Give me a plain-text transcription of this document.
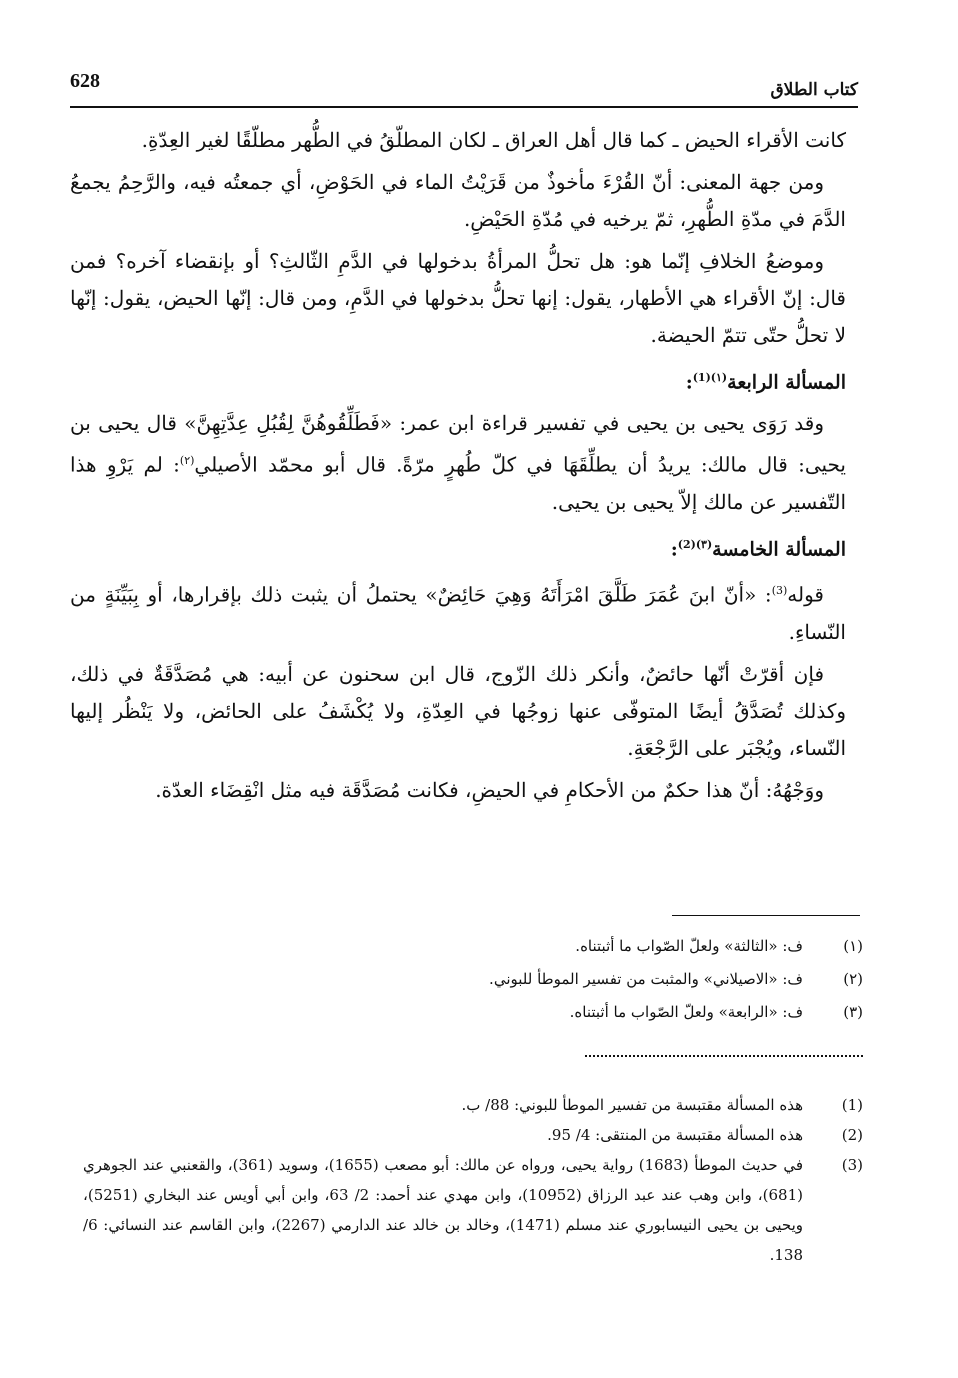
كتاب الطلاق
628

كانت الأقراء الحيض ـ كما قال أهل العراق ـ لكان المطلّقُ في الطُّهر مطلّقًا لغير العِدّةِ.

ومن جهة المعنى: أنّ القُرْءَ مأخوذٌ من قَرَيْتُ الماء في الحَوْضِ، أي جمعتُه فيه، والرَّحِمُ يجمعُ الدَّمَ في مدّةِ الطُّهرِ، ثمّ يرخيه في مُدّةِ الحَيْضِ.

وموضعُ الخلافِ إنّما هو: هل تحلُّ المرأةُ بدخولها في الدَّمِ الثّالثِ؟ أو بإنقضاء آخره؟ فمن قال: إنّ الأقراء هي الأطهار، يقول: إنها تحلُّ بدخولها في الدَّمِ، ومن قال: إنّها الحيض، يقول: إنّها لا تحلُّ حتّى تتمّ الحيضة.

المسألة الرابعة$^{(١)(1)}$:

وقد رَوَى يحيى بن يحيى في تفسير قراءة ابن عمر: «فَطَلِّقُوهُنَّ لِقُبُلِ عِدَّتِهِنَّ» قال يحيى بن يحيى: قال مالك: يريدُ أن يطلِّقَهَا في كلّ طُهرٍ مرّةً. قال أبو محمّد الأصيلي$^{(٢)}$: لم يَرْوِ هذا التّفسير عن مالك إلاّ يحيى بن يحيى.

المسألة الخامسة$^{(٣)(2)}$:

قوله$^{(3)}$: «أنّ ابنَ عُمَرَ طَلَّقَ امْرَأَتَهُ وَهِيَ حَائِضٌ» يحتملُ أن يثبت ذلك بإقرارها، أو بِبَيِّنَةٍ من النّساءِ.

فإن أقرّتْ أنّها حائضٌ، وأنكر ذلك الزّوج، قال ابن سحنون عن أبيه: هي مُصَدَّقَةٌ في ذلك، وكذلك تُصَدَّقُ أيضًا المتوفّى عنها زوجُها في العِدّةِ، ولا يُكْشَفُ على الحائض، ولا يَنْظُر إليها النّساء، ويُجْبَر على الرَّجْعَةِ.

ووَجْهُهُ: أنّ هذا حكمٌ من الأحكامِ في الحيضِ، فكانت مُصَدَّقَة فيه مثل انْقِضَاء العدّة.

(١)
ف: «الثالثة» ولعلّ الصّواب ما أثبتناه.
(٢)
ف: «الاصيلاني» والمثبت من تفسير الموطأ للبوني.
(٣)
ف: «الرابعة» ولعلّ الصّواب ما أثبتناه.
(1)
هذه المسألة مقتبسة من تفسير الموطأ للبوني: 88/ ب.
(2)
هذه المسألة مقتبسة من المنتقى: 4/ 95.
(3)
في حديث الموطأ (1683) رواية يحيى، ورواه عن مالك: أبو مصعب (1655)، وسويد (361)، والقعنبي عند الجوهري (681)، وابن وهب عند عبد الرزاق (10952)، وابن مهدي عند أحمد: 2/ 63، وابن أبي أويس عند البخاري (5251)، ويحيى بن يحيى النيسابوري عند مسلم (1471)، وخالد بن خالد عند الدارمي (2267)، وابن القاسم عند النسائي: 6/ 138.
